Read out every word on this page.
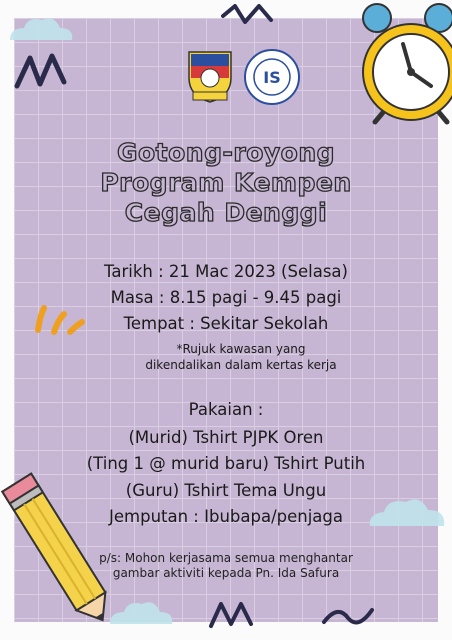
IS
Gotong-royong
Program Kempen
Cegah Denggi
Tarikh : 21 Mac 2023 (Selasa)
Masa : 8.15 pagi - 9.45 pagi
Tempat : Sekitar Sekolah
*Rujuk kawasan yang
dikendalikan dalam kertas kerja
Pakaian :
(Murid) Tshirt PJPK Oren
(Ting 1 @ murid baru) Tshirt Putih
(Guru) Tshirt Tema Ungu
Jemputan : Ibubapa/penjaga
p/s: Mohon kerjasama semua menghantar
gambar aktiviti kepada Pn. Ida Safura
